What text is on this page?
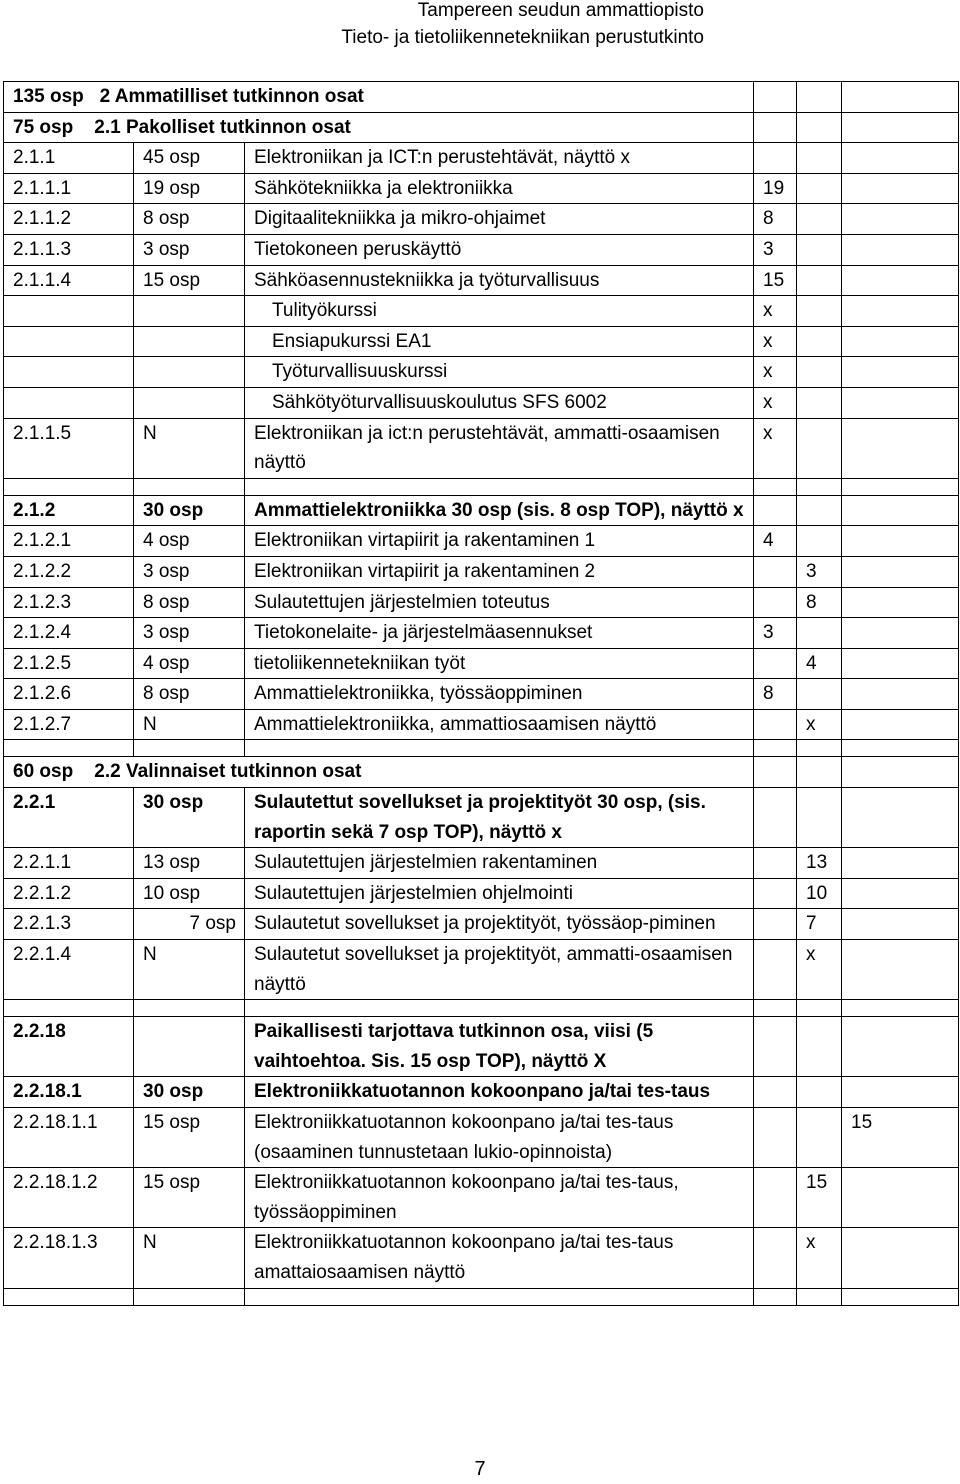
Tampereen seudun ammattiopisto
Tieto- ja tietoliikennetekniikan perustutkinto
135 osp   2 Ammatilliset tutkinnon osat					
75 osp    2.1 Pakolliset tutkinnon osat					
2.1.1	45 osp	Elektroniikan ja ICT:n perustehtävät, näyttö x			
2.1.1.1	19 osp	Sähkötekniikka ja elektroniikka	19		
2.1.1.2	8 osp	Digitaalitekniikka ja mikro-ohjaimet	8		
2.1.1.3	3 osp	Tietokoneen peruskäyttö	3		
2.1.1.4	15 osp	Sähköasennustekniikka ja työturvallisuus	15		
		Tulityökurssi	x		
		Ensiapukurssi EA1	x		
		Työturvallisuuskurssi	x		
		Sähkötyöturvallisuuskoulutus SFS 6002	x		
2.1.1.5	N	Elektroniikan ja ict:n perustehtävät, ammatti-osaamisen näyttö	x		

2.1.2	30 osp	Ammattielektroniikka 30 osp (sis. 8 osp TOP), näyttö x			
2.1.2.1	4 osp	Elektroniikan virtapiirit ja rakentaminen 1	4		
2.1.2.2	3 osp	Elektroniikan virtapiirit ja rakentaminen 2		3	
2.1.2.3	8 osp	Sulautettujen järjestelmien toteutus		8	
2.1.2.4	3 osp	Tietokonelaite- ja järjestelmäasennukset	3		
2.1.2.5	4 osp	tietoliikennetekniikan työt		4	
2.1.2.6	8 osp	Ammattielektroniikka, työssäoppiminen	8		
2.1.2.7	N	Ammattielektroniikka, ammattiosaamisen näyttö		x	

60 osp    2.2 Valinnaiset tutkinnon osat					
2.2.1	30 osp	Sulautettut sovellukset ja projektityöt 30 osp, (sis. raportin sekä 7 osp TOP), näyttö x			
2.2.1.1	13 osp	Sulautettujen järjestelmien rakentaminen		13	
2.2.1.2	10 osp	Sulautettujen järjestelmien ohjelmointi		10	
2.2.1.3	7 osp	Sulautetut sovellukset ja projektityöt, työssäop-piminen		7	
2.2.1.4	N	Sulautetut sovellukset ja projektityöt, ammatti-osaamisen näyttö		x	

2.2.18		Paikallisesti tarjottava tutkinnon osa, viisi (5 vaihtoehtoa. Sis. 15 osp TOP), näyttö X			
2.2.18.1	30 osp	Elektroniikkatuotannon kokoonpano ja/tai tes-taus			
2.2.18.1.1	15 osp	Elektroniikkatuotannon kokoonpano ja/tai tes-taus (osaaminen tunnustetaan lukio-opinnoista)			15
2.2.18.1.2	15 osp	Elektroniikkatuotannon kokoonpano ja/tai tes-taus, työssäoppiminen		15	
2.2.18.1.3	N	Elektroniikkatuotannon kokoonpano ja/tai tes-taus amattaiosaamisen näyttö		x	

7
